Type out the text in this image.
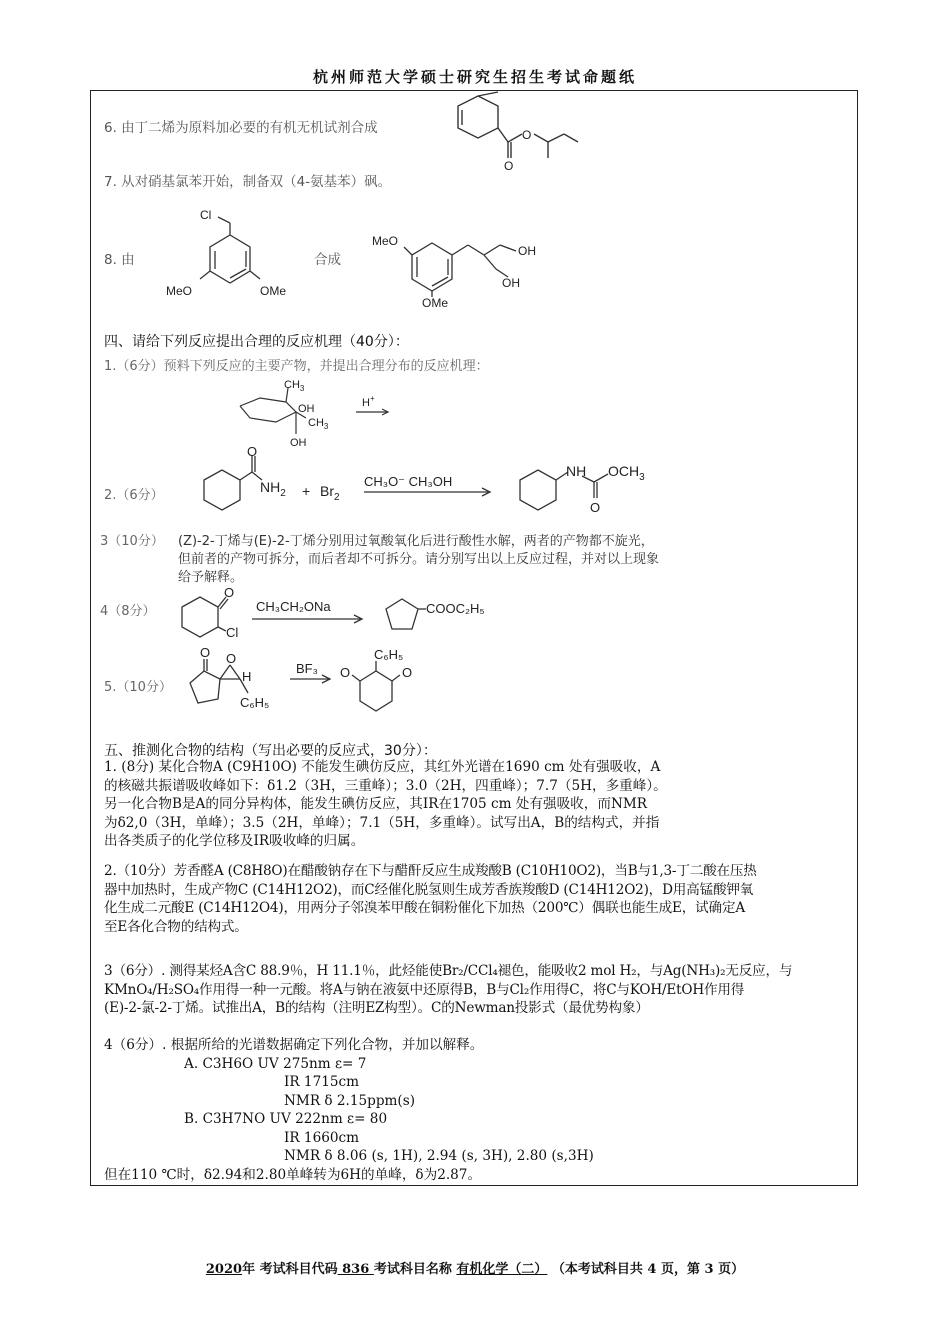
杭州师范大学硕士研究生招生考试命题纸
6. 由丁二烯为原料加必要的有机无机试剂合成	O
O
7. 从对硝基氯苯开始，制备双（4-氨基苯）砜。
8. 由
Cl
MeO	OMe
合成
MeO
OH
OH
OMe
四、请给下列反应提出合理的反应机理（40分）：
1.（6分）预料下列反应的主要产物，并提出合理分布的反应机理：
$CH_3$
OH
$CH_3$
OH
H+
2.（6分）
O
$NH_2 + Br_2$
CH₃O⁻ CH₃OH
NH $OCH_3$
O
3（10分） (Z)-2-丁烯与(E)-2-丁烯分别用过氧酸氧化后进行酸性水解，两者的产物都不旋光，
但前者的产物可拆分，而后者却不可拆分。请分别写出以上反应过程，并对以上现象
给予解释。
4（8分）
O
Cl
CH₃CH₂ONa	COOC₂H₅
5.（10分）
O O
H
C₆H₅
BF₃ O	O
C₆H₅
五、推测化合物的结构（写出必要的反应式，30分）：
1. (8分) 某化合物A (C9H10O) 不能发生碘仿反应，其红外光谱在1690 cm 处有强吸收，A
的核磁共振谱吸收峰如下：δ1.2（3H，三重峰）；3.0（2H，四重峰）；7.7（5H，多重峰）。
另一化合物B是A的同分异构体，能发生碘仿反应，其IR在1705 cm 处有强吸收，而NMR
为δ2,0（3H，单峰）；3.5（2H，单峰）；7.1（5H，多重峰）。试写出A，B的结构式，并指
出各类质子的化学位移及IR吸收峰的归属。
2.（10分）芳香醛A (C8H8O)在醋酸钠存在下与醋酐反应生成羧酸B (C10H10O2)，当B与1,3-丁二酸在压热
器中加热时，生成产物C (C14H12O2)，而C经催化脱氢则生成芳香族羧酸D (C14H12O2)，D用高锰酸钾氧
化生成二元酸E (C14H12O4)，用两分子邻溴苯甲酸在铜粉催化下加热（200℃）偶联也能生成E，试确定A
至E各化合物的结构式。
3（6分）. 测得某烃A含C 88.9％，H 11.1％，此烃能使Br₂/CCl₄褪色，能吸收2 mol H₂，与Ag(NH₃)₂无反应，与
KMnO₄/H₂SO₄作用得一种一元酸。将A与钠在液氨中还原得B，B与Cl₂作用得C，将C与KOH/EtOH作用得
(E)-2-氯-2-丁烯。试推出A，B的结构（注明EZ构型）。C的Newman投影式（最优势构象）
4（6分）. 根据所给的光谱数据确定下列化合物，并加以解释。
A. C3H6O UV 275nm ε= 7
IR 1715cm
NMR δ 2.15ppm(s)
B. C3H7NO UV 222nm ε= 80
IR 1660cm
NMR δ 8.06 (s, 1H), 2.94 (s, 3H), 2.80 (s,3H)
但在110 ℃时，δ2.94和2.80单峰转为6H的单峰，δ为2.87。
2020年 考试科目代码 836 考试科目名称 有机化学（二） （本考试科目共 4 页，第 3 页）
